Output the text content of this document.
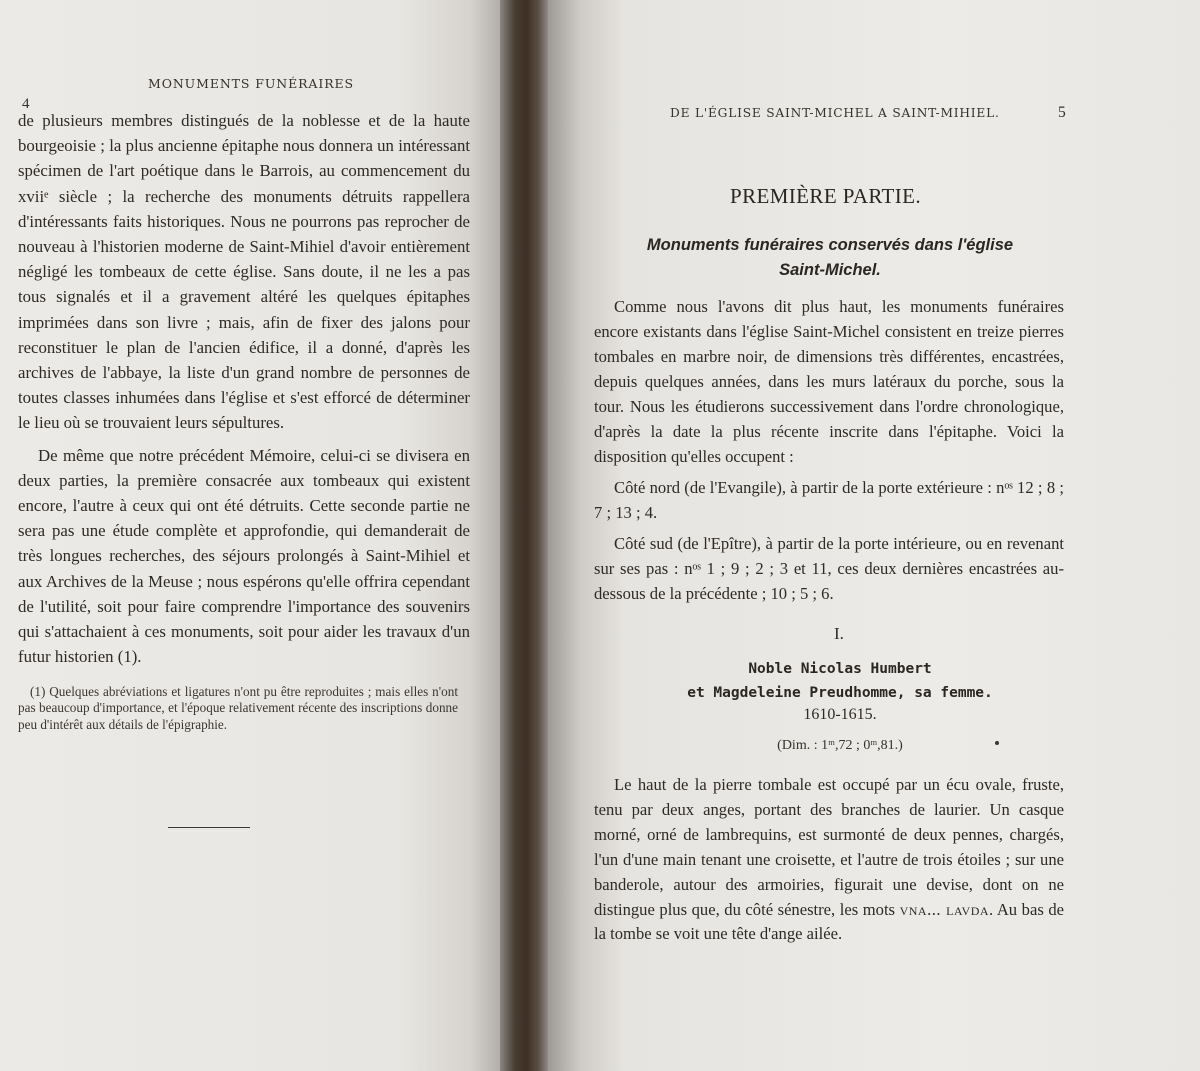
MONUMENTS FUNÉRAIRES
4

de plusieurs membres distingués de la noblesse et de la haute bourgeoisie ; la plus ancienne épitaphe nous donnera un intéressant spécimen de l'art poétique dans le Barrois, au commencement du xviiᵉ siècle ; la recherche des monuments détruits rappellera d'intéressants faits historiques. Nous ne pourrons pas reprocher de nouveau à l'historien moderne de Saint-Mihiel d'avoir entièrement négligé les tombeaux de cette église. Sans doute, il ne les a pas tous signalés et il a gravement altéré les quelques épitaphes imprimées dans son livre ; mais, afin de fixer des jalons pour reconstituer le plan de l'ancien édifice, il a donné, d'après les archives de l'abbaye, la liste d'un grand nombre de personnes de toutes classes inhumées dans l'église et s'est efforcé de déterminer le lieu où se trouvaient leurs sépultures.

De même que notre précédent Mémoire, celui-ci se divisera en deux parties, la première consacrée aux tombeaux qui existent encore, l'autre à ceux qui ont été détruits. Cette seconde partie ne sera pas une étude complète et approfondie, qui demanderait de très longues recherches, des séjours prolongés à Saint-Mihiel et aux Archives de la Meuse ; nous espérons qu'elle offrira cependant de l'utilité, soit pour faire comprendre l'importance des souvenirs qui s'attachaient à ces monuments, soit pour aider les travaux d'un futur historien (1).

(1) Quelques abréviations et ligatures n'ont pu être reproduites ; mais elles n'ont pas beaucoup d'importance, et l'époque relativement récente des inscriptions donne peu d'intérêt aux détails de l'épigraphie.
DE L'ÉGLISE SAINT-MICHEL A SAINT-MIHIEL.	5
PREMIÈRE PARTIE.
Monuments funéraires conservés dans l'église
Saint-Michel.

Comme nous l'avons dit plus haut, les monuments funéraires encore existants dans l'église Saint-Michel consistent en treize pierres tombales en marbre noir, de dimensions très différentes, encastrées, depuis quelques années, dans les murs latéraux du porche, sous la tour. Nous les étudierons successivement dans l'ordre chronologique, d'après la date la plus récente inscrite dans l'épitaphe. Voici la disposition qu'elles occupent :

Côté nord (de l'Evangile), à partir de la porte extérieure : nᵒˢ 12 ; 8 ; 7 ; 13 ; 4.

Côté sud (de l'Epître), à partir de la porte intérieure, ou en revenant sur ses pas : nᵒˢ 1 ; 9 ; 2 ; 3 et 11, ces deux dernières encastrées au-dessous de la précédente ; 10 ; 5 ; 6.

I.
Noble Nicolas Humbert
et Magdeleine Preudhomme, sa femme.
1610-1615.
(Dim. : 1ᵐ,72 ; 0ᵐ,81.)
Le haut de la pierre tombale est occupé par un écu ovale, fruste, tenu par deux anges, portant des branches de laurier. Un casque morné, orné de lambrequins, est surmonté de deux pennes, chargés, l'un d'une main tenant une croisette, et l'autre de trois étoiles ; sur une banderole, autour des armoiries, figurait une devise, dont on ne distingue plus que, du côté sénestre, les mots vna... lavda. Au bas de la tombe se voit une tête d'ange ailée.
